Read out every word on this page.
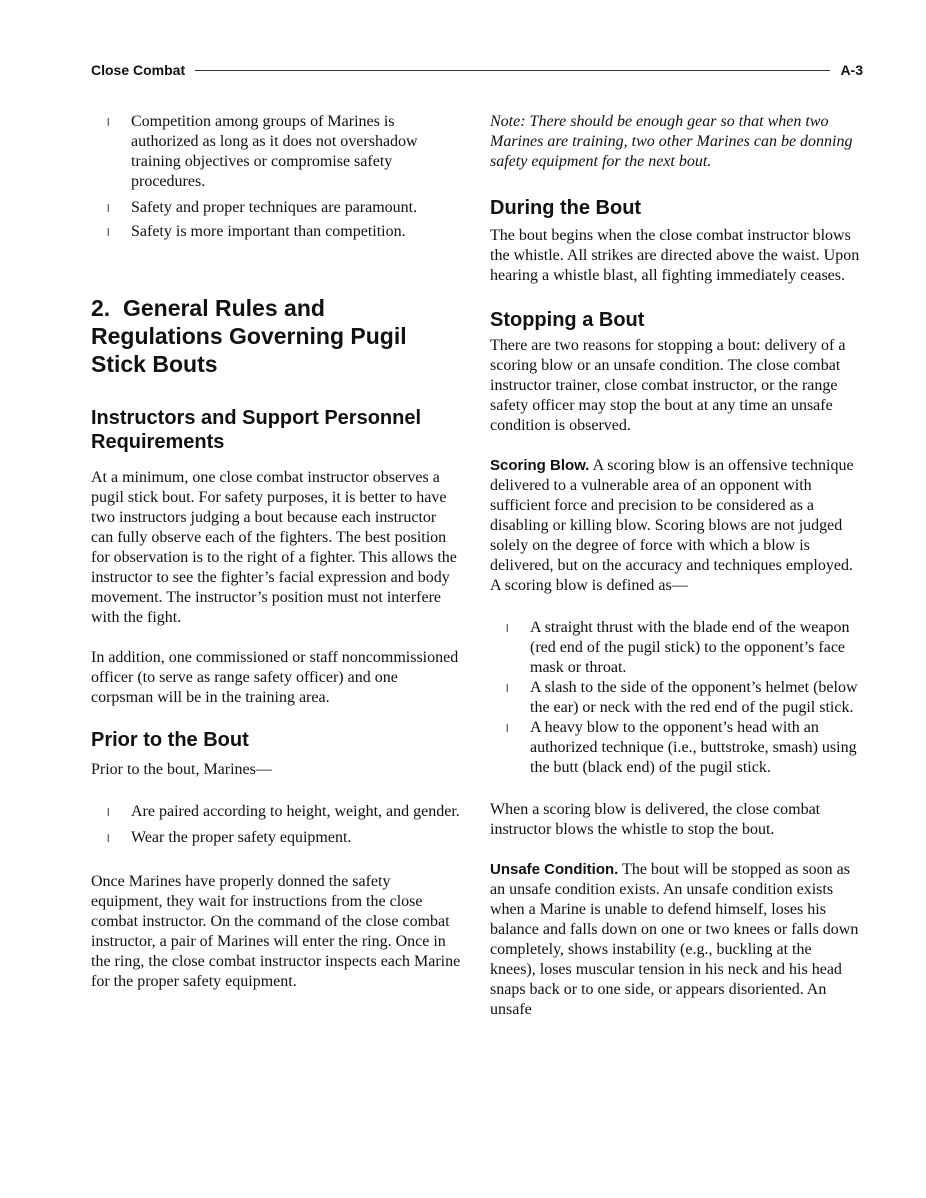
Close Combat	A-3
l Competition among groups of Marines is authorized as long as it does not overshadow training objectives or compromise safety procedures.
l Safety and proper techniques are paramount.
l Safety is more important than competition.
2.  General Rules and Regulations Governing Pugil Stick Bouts
Instructors and Support Personnel Requirements

At a minimum, one close combat instructor observes a pugil stick bout. For safety purposes, it is better to have two instructors judging a bout because each instructor can fully observe each of the fighters. The best position for observation is to the right of a fighter. This allows the instructor to see the fighter’s facial expression and body movement. The instructor’s position must not interfere with the fight.

In addition, one commissioned or staff noncommissioned officer (to serve as range safety officer) and one corpsman will be in the training area.

Prior to the Bout

Prior to the bout, Marines—

l Are paired according to height, weight, and gender.
l Wear the proper safety equipment.

Once Marines have properly donned the safety equipment, they wait for instructions from the close combat instructor. On the command of the close combat instructor, a pair of Marines will enter the ring. Once in the ring, the close combat instructor inspects each Marine for the proper safety equipment.

Note: There should be enough gear so that when two Marines are training, two other Marines can be donning safety equipment for the next bout.

During the Bout

The bout begins when the close combat instructor blows the whistle. All strikes are directed above the waist. Upon hearing a whistle blast, all fighting immediately ceases.

Stopping a Bout

There are two reasons for stopping a bout: delivery of a scoring blow or an unsafe condition. The close combat instructor trainer, close combat instructor, or the range safety officer may stop the bout at any time an unsafe condition is observed.

Scoring Blow. A scoring blow is an offensive technique delivered to a vulnerable area of an opponent with sufficient force and precision to be considered as a disabling or killing blow. Scoring blows are not judged solely on the degree of force with which a blow is delivered, but on the accuracy and techniques employed. A scoring blow is defined as—

l A straight thrust with the blade end of the weapon (red end of the pugil stick) to the opponent’s face mask or throat.
l A slash to the side of the opponent’s helmet (below the ear) or neck with the red end of the pugil stick.
l A heavy blow to the opponent’s head with an authorized technique (i.e., buttstroke, smash) using the butt (black end) of the pugil stick.

When a scoring blow is delivered, the close combat instructor blows the whistle to stop the bout.

Unsafe Condition. The bout will be stopped as soon as an unsafe condition exists. An unsafe condition exists when a Marine is unable to defend himself, loses his balance and falls down on one or two knees or falls down completely, shows instability (e.g., buckling at the knees), loses muscular tension in his neck and his head snaps back or to one side, or appears disoriented. An unsafe
